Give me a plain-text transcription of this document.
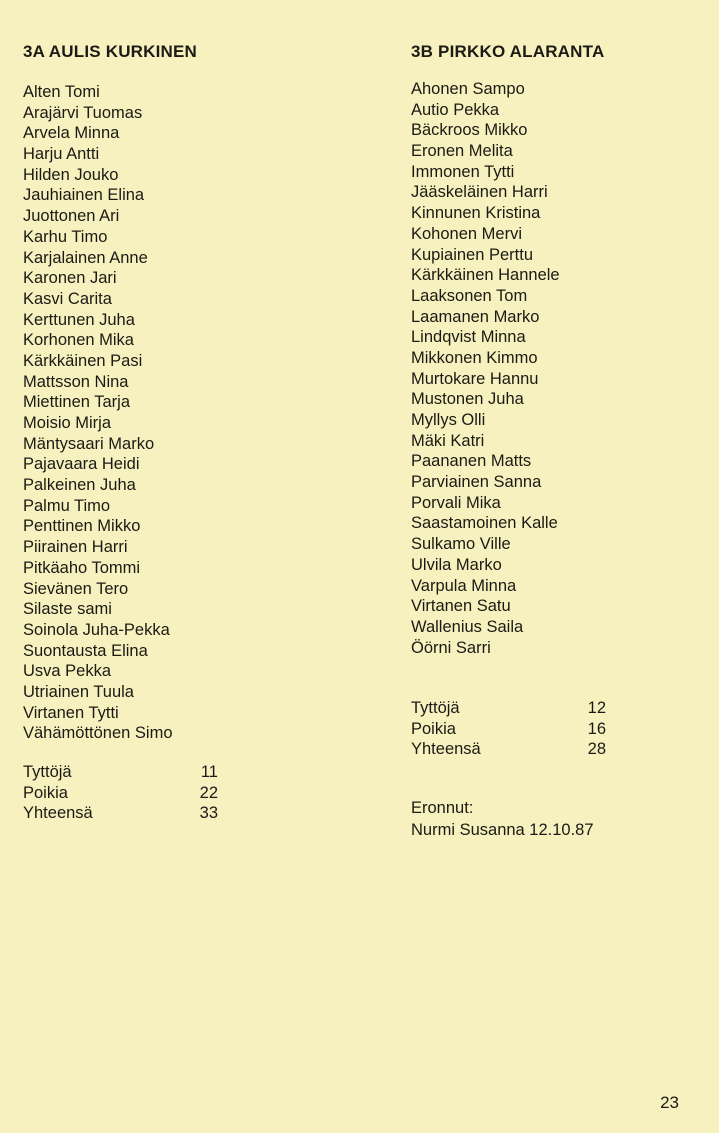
3A AULIS KURKINEN
Alten Tomi
Arajärvi Tuomas
Arvela Minna
Harju Antti
Hilden Jouko
Jauhiainen Elina
Juottonen Ari
Karhu Timo
Karjalainen Anne
Karonen Jari
Kasvi Carita
Kerttunen Juha
Korhonen Mika
Kärkkäinen Pasi
Mattsson Nina
Miettinen Tarja
Moisio Mirja
Mäntysaari Marko
Pajavaara Heidi
Palkeinen Juha
Palmu Timo
Penttinen Mikko
Piirainen Harri
Pitkäaho Tommi
Sievänen Tero
Silaste sami
Soinola Juha-Pekka
Suontausta Elina
Usva Pekka
Utriainen Tuula
Virtanen Tytti
Vähämöttönen Simo
Tyttöjä	11
Poikia	22
Yhteensä	33
3B PIRKKO ALARANTA
Ahonen Sampo
Autio Pekka
Bäckroos Mikko
Eronen Melita
Immonen Tytti
Jääskeläinen Harri
Kinnunen Kristina
Kohonen Mervi
Kupiainen Perttu
Kärkkäinen Hannele
Laaksonen Tom
Laamanen Marko
Lindqvist Minna
Mikkonen Kimmo
Murtokare Hannu
Mustonen Juha
Myllys Olli
Mäki Katri
Paananen Matts
Parviainen Sanna
Porvali Mika
Saastamoinen Kalle
Sulkamo Ville
Ulvila Marko
Varpula Minna
Virtanen Satu
Wallenius Saila
Öörni Sarri
Tyttöjä	12
Poikia	16
Yhteensä	28
Eronnut:
Nurmi Susanna 12.10.87
23
